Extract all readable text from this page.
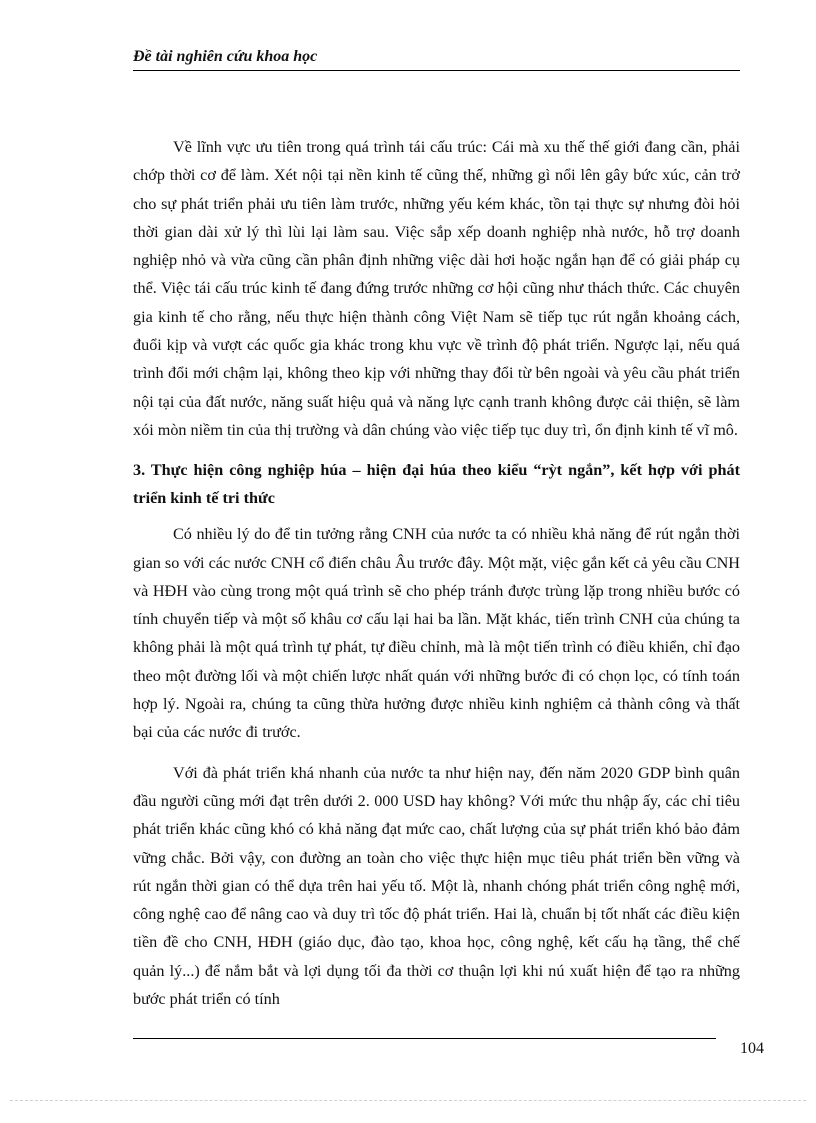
Đề tài nghiên cứu khoa học

Về lĩnh vực ưu tiên trong quá trình tái cấu trúc: Cái mà xu thế thế giới đang cần, phải chớp thời cơ để làm. Xét nội tại nền kinh tế cũng thế, những gì nổi lên gây bức xúc, cản trở cho sự phát triển phải ưu tiên làm trước, những yếu kém khác, tồn tại thực sự nhưng đòi hỏi thời gian dài xử lý thì lùi lại làm sau. Việc sắp xếp doanh nghiệp nhà nước, hỗ trợ doanh nghiệp nhỏ và vừa cũng cần phân định những việc dài hơi hoặc ngắn hạn để có giải pháp cụ thể. Việc tái cấu trúc kinh tế đang đứng trước những cơ hội cũng như thách thức. Các chuyên gia kinh tế cho rằng, nếu thực hiện thành công Việt Nam sẽ tiếp tục rút ngắn khoảng cách, đuổi kịp và vượt các quốc gia khác trong khu vực về trình độ phát triển. Ngược lại, nếu quá trình đổi mới chậm lại, không theo kịp với những thay đổi từ bên ngoài và yêu cầu phát triển nội tại của đất nước, năng suất hiệu quả và năng lực cạnh tranh không được cải thiện, sẽ làm xói mòn niềm tin của thị trường và dân chúng vào việc tiếp tục duy trì, ổn định kinh tế vĩ mô.

3. Thực hiện công nghiệp húa – hiện đại húa theo kiểu “rỳt ngắn”, kết hợp với phát triển kinh tế tri thức

Có nhiều lý do để tin tưởng rằng CNH của nước ta có nhiều khả năng để rút ngắn thời gian so với các nước CNH cổ điển châu Âu trước đây. Một mặt, việc gắn kết cả yêu cầu CNH và HĐH vào cùng trong một quá trình sẽ cho phép tránh được trùng lặp trong nhiều bước có tính chuyển tiếp và một số khâu cơ cấu lại hai ba lần. Mặt khác, tiến trình CNH của chúng ta không phải là một quá trình tự phát, tự điều chỉnh, mà là một tiến trình có điều khiển, chỉ đạo theo một đường lối và một chiến lược nhất quán với những bước đi có chọn lọc, có tính toán hợp lý. Ngoài ra, chúng ta cũng thừa hưởng được nhiều kinh nghiệm cả thành công và thất bại của các nước đi trước.

Với đà phát triển khá nhanh của nước ta như hiện nay, đến năm 2020 GDP bình quân đầu người cũng mới đạt trên dưới 2. 000 USD hay không? Với mức thu nhập ấy, các chỉ tiêu phát triển khác cũng khó có khả năng đạt mức cao, chất lượng của sự phát triển khó bảo đảm vững chắc. Bởi vậy, con đường an toàn cho việc thực hiện mục tiêu phát triển bền vững và rút ngắn thời gian có thể dựa trên hai yếu tố. Một là, nhanh chóng phát triển công nghệ mới, công nghệ cao để nâng cao và duy trì tốc độ phát triển. Hai là, chuẩn bị tốt nhất các điều kiện tiền đề cho CNH, HĐH (giáo dục, đào tạo, khoa học, công nghệ, kết cấu hạ tầng, thể chế quản lý...) để nắm bắt và lợi dụng tối đa thời cơ thuận lợi khi nú xuất hiện để tạo ra những bước phát triển có tính

104
